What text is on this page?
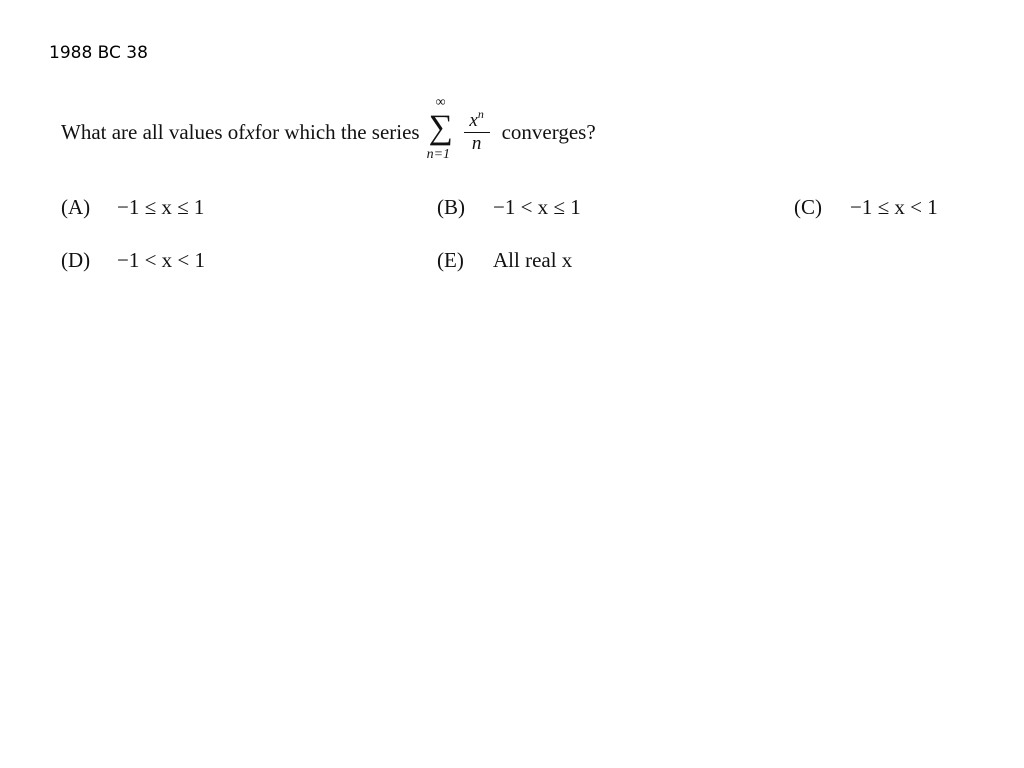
1988 BC 38
What are all values of x for which the series
∞
∑
$n=1 \frac{x^n}{n}$ converges?
(A)	−1 ≤ x ≤ 1	(B)	−1 < x ≤ 1	(C)	−1 ≤ x < 1
(D)	−1 < x < 1	(E)	All real x
